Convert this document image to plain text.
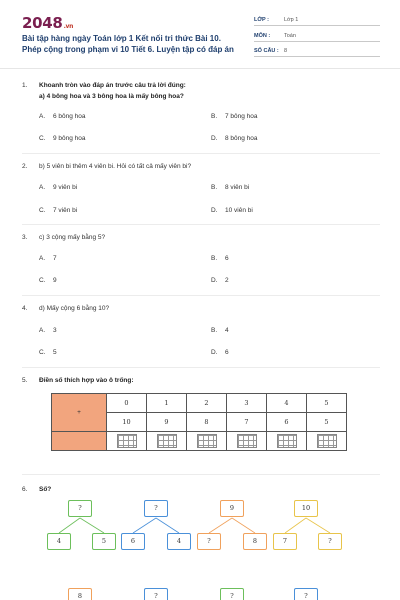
2048.vn
Bài tập hàng ngày Toán lớp 1 Kết nối tri thức Bài 10. Phép cộng trong phạm vi 10 Tiết 6. Luyện tập có đáp án
LỚP :	Lớp 1
MÔN :	Toán
SỐ CÂU : 8
1. Khoanh tròn vào đáp án trước câu trả lời đúng:
a) 4 bông hoa và 3 bông hoa là mấy bông hoa?
A. 6 bông hoa	B. 7 bông hoa
C. 9 bông hoa	D. 8 bông hoa
2. b) 5 viên bi thêm 4 viên bi. Hỏi có tất cả mấy viên bi?
A. 9 viên bi	B. 8 viên bi
C. 7 viên bi	D. 10 viên bi
3. c) 3 cộng mấy bằng 5?
A. 7	B. 6
C. 9	D. 2
4. d) Mấy cộng 6 bằng 10?
A. 3	B. 4
C. 5	D. 6
5. Điền số thích hợp vào ô trống:
+	0	1	2	3	4	5
	10	9	8	7	6	5

6. Số?
?
4	5
?
6	4
9
?	8
10
7	?
8	?	?	?
